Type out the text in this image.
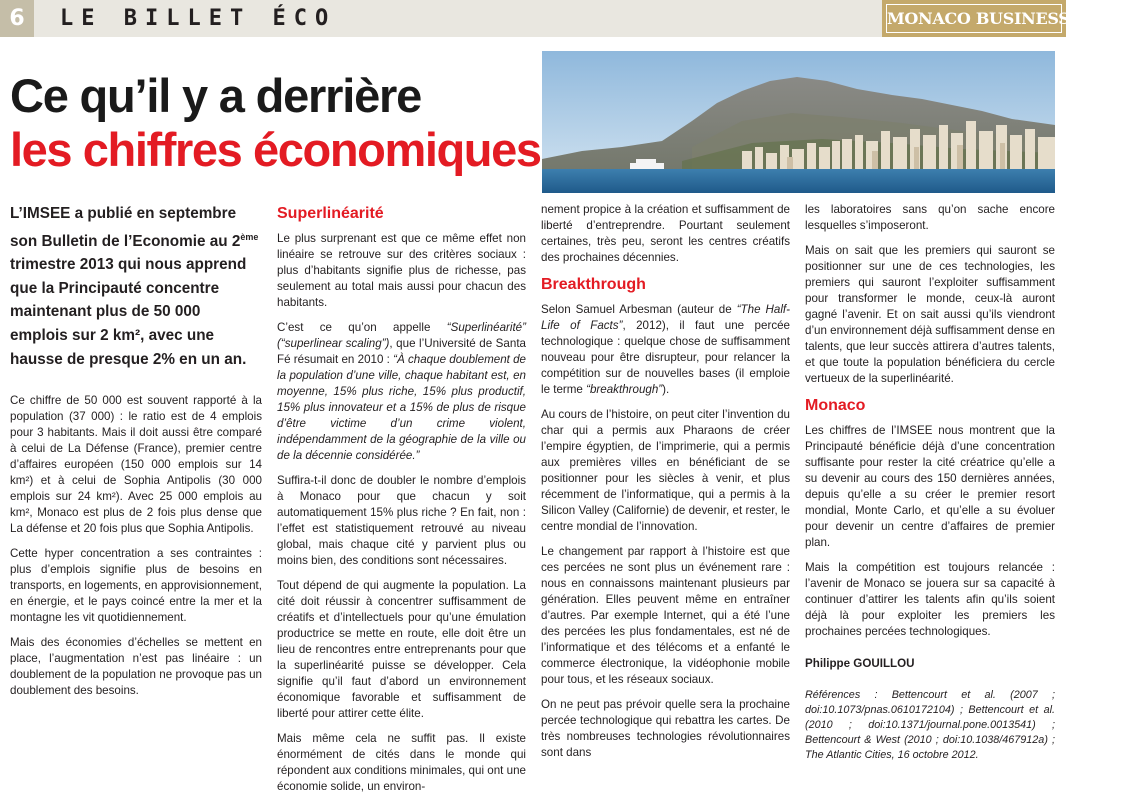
6	LE BILLET ÉCO	MONACO BUSINESS NEWS
Ce qu’il y a derrière
les chiffres économiques

L’IMSEE a publié en septembre son Bulletin de l’Economie au 2ème trimestre 2013 qui nous apprend que la Principauté concentre maintenant plus de 50 000 emplois sur 2 km², avec une hausse de presque 2% en un an.

Ce chiffre de 50 000 est souvent rapporté à la population (37 000) : le ratio est de 4 emplois pour 3 habitants. Mais il doit aussi être comparé à celui de La Défense (France), premier centre d’affaires européen (150 000 emplois sur 14 km²) et à celui de Sophia Antipolis (30 000 emplois sur 24 km²). Avec 25 000 emplois au km², Monaco est plus de 2 fois plus dense que La défense et 20 fois plus que Sophia Antipolis.

Cette hyper concentration a ses contraintes : plus d’emplois signifie plus de besoins en transports, en logements, en approvisionnement, en énergie, et le pays coincé entre la mer et la montagne les vit quotidiennement.

Mais des économies d’échelles se mettent en place, l’augmentation n’est pas linéaire : un doublement de la population ne provoque pas un doublement des besoins.

Superlinéarité

Le plus surprenant est que ce même effet non linéaire se retrouve sur des critères sociaux : plus d’habitants signifie plus de richesse, pas seulement au total mais aussi pour chacun des habitants.

C’est ce qu’on appelle “Superlinéarité” (“superlinear scaling”), que l’Université de Santa Fé résumait en 2010 : “À chaque doublement de la population d’une ville, chaque habitant est, en moyenne, 15% plus riche, 15% plus productif, 15% plus innovateur et a 15% de plus de risque d’être victime d’un crime violent, indépendamment de la géographie de la ville ou de la décennie considérée.”

Suffira-t-il donc de doubler le nombre d’emplois à Monaco pour que chacun y soit automatiquement 15% plus riche ? En fait, non : l’effet est statistiquement retrouvé au niveau global, mais chaque cité y parvient plus ou moins bien, des conditions sont nécessaires.

Tout dépend de qui augmente la population. La cité doit réussir à concentrer suffisamment de créatifs et d’intellectuels pour qu’une émulation productrice se mette en route, elle doit être un lieu de rencontres entre entreprenants pour que la superlinéarité puisse se développer. Cela signifie qu’il faut d’abord un environnement économique favorable et suffisamment de liberté pour attirer cette élite.

Mais même cela ne suffit pas. Il existe énormément de cités dans le monde qui répondent aux conditions minimales, qui ont une économie solide, un environ-

nement propice à la création et suffisamment de liberté d’entreprendre. Pourtant seulement certaines, très peu, seront les centres créatifs des prochaines décennies.

Breakthrough

Selon Samuel Arbesman (auteur de “The Half-Life of Facts”, 2012), il faut une percée technologique : quelque chose de suffisamment nouveau pour être disrupteur, pour relancer la compétition sur de nouvelles bases (il emploie le terme “breakthrough”).

Au cours de l’histoire, on peut citer l’invention du char qui a permis aux Pharaons de créer l’empire égyptien, de l’imprimerie, qui a permis aux premières villes en bénéficiant de se positionner pour les siècles à venir, et plus récemment de l’informatique, qui a permis à la Silicon Valley (Californie) de devenir, et rester, le centre mondial de l’innovation.

Le changement par rapport à l’histoire est que ces percées ne sont plus un événement rare : nous en connaissons maintenant plusieurs par génération. Elles peuvent même en entraîner d’autres. Par exemple Internet, qui a été l’une des percées les plus fondamentales, est né de l’informatique et des télécoms et a enfanté le commerce électronique, la vidéophonie mobile pour tous, et les réseaux sociaux.

On ne peut pas prévoir quelle sera la prochaine percée technologique qui rebattra les cartes. De très nombreuses technologies révolutionnaires sont dans

les laboratoires sans qu’on sache encore lesquelles s’imposeront.

Mais on sait que les premiers qui sauront se positionner sur une de ces technologies, les premiers qui sauront l’exploiter suffisamment pour transformer le monde, ceux-là auront gagné l’avenir. Et on sait aussi qu’ils viendront d’un environnement déjà suffisamment dense en talents, que leur succès attirera d’autres talents, et que toute la population bénéficiera du cercle vertueux de la superlinéarité.

Monaco

Les chiffres de l’IMSEE nous montrent que la Principauté bénéficie déjà d’une concentration suffisante pour rester la cité créatrice qu’elle a su devenir au cours des 150 dernières années, depuis qu’elle a su créer le premier resort mondial, Monte Carlo, et qu’elle a su évoluer pour devenir un centre d’affaires de premier plan.

Mais la compétition est toujours relancée : l’avenir de Monaco se jouera sur sa capacité à continuer d’attirer les talents afin qu’ils soient déjà là pour exploiter les premiers les prochaines percées technologiques.

Philippe GOUILLOU

Références : Bettencourt et al. (2007 ; doi:10.1073/pnas.0610172104) ; Bettencourt et al. (2010 ; doi:10.1371/journal.pone.0013541) ; Bettencourt & West (2010 ; doi:10.1038/467912a) ; The Atlantic Cities, 16 octobre 2012.
